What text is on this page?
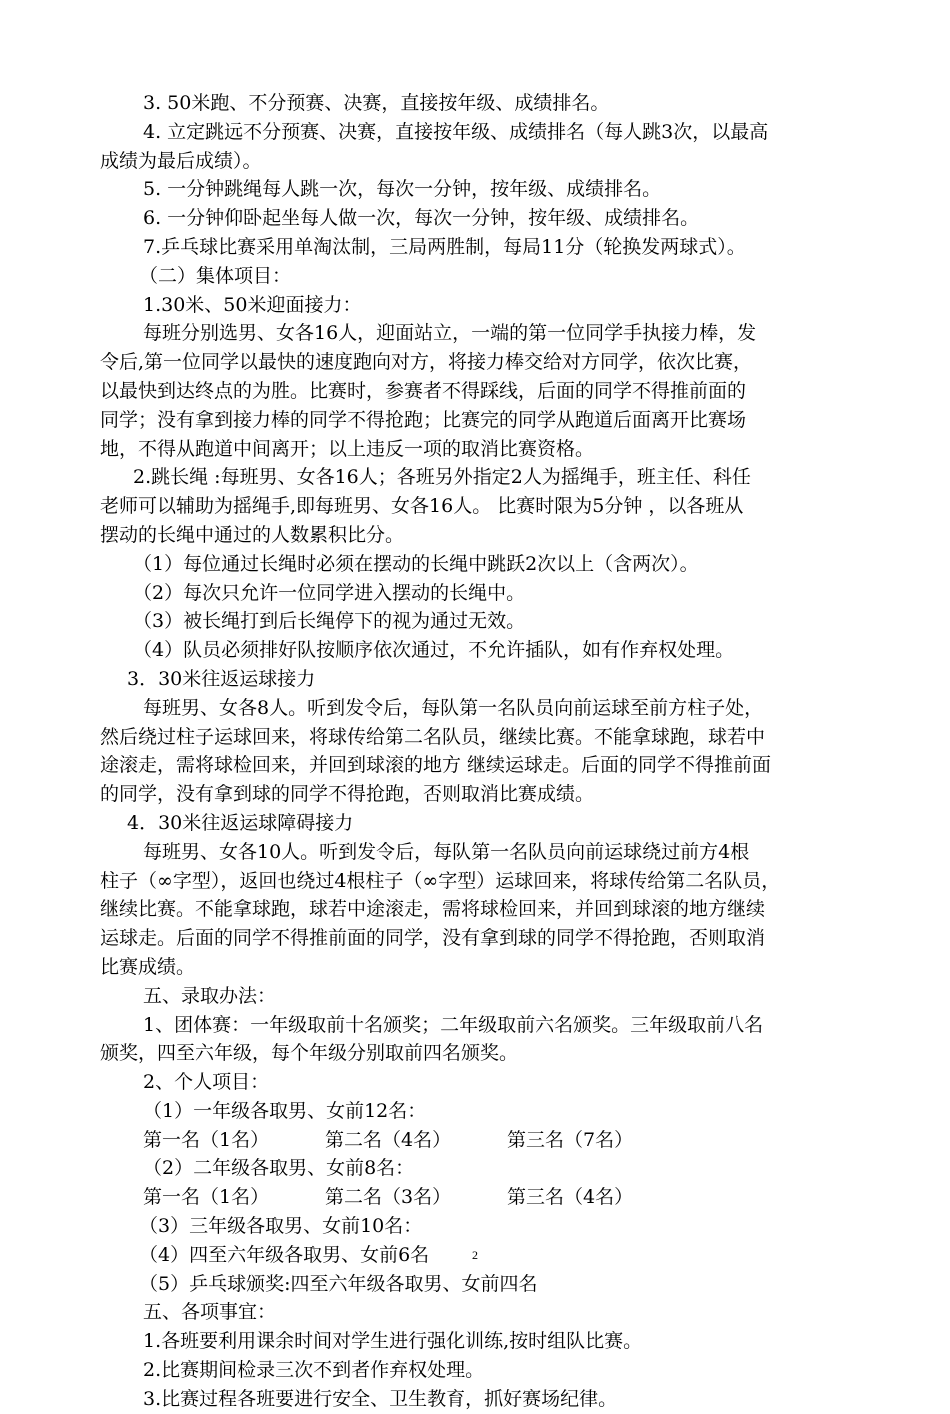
3. 50米跑、不分预赛、决赛，直接按年级、成绩排名。
4. 立定跳远不分预赛、决赛，直接按年级、成绩排名（每人跳3次，以最高
成绩为最后成绩）。
5. 一分钟跳绳每人跳一次，每次一分钟，按年级、成绩排名。
6. 一分钟仰卧起坐每人做一次，每次一分钟，按年级、成绩排名。
7.乒乓球比赛采用单淘汰制，三局两胜制，每局11分（轮换发两球式）。
（二）集体项目：
1.30米、50米迎面接力：
每班分别选男、女各16人，迎面站立，一端的第一位同学手执接力棒，发
令后,第一位同学以最快的速度跑向对方，将接力棒交给对方同学，依次比赛，
以最快到达终点的为胜。比赛时，参赛者不得踩线，后面的同学不得推前面的
同学；没有拿到接力棒的同学不得抢跑；比赛完的同学从跑道后面离开比赛场
地，不得从跑道中间离开；以上违反一项的取消比赛资格。
2.跳长绳 :每班男、女各16人；各班另外指定2人为摇绳手，班主任、科任
老师可以辅助为摇绳手,即每班男、女各16人。 比赛时限为5分钟 ，以各班从
摆动的长绳中通过的人数累积比分。
（1）每位通过长绳时必须在摆动的长绳中跳跃2次以上（含两次）。
（2）每次只允许一位同学进入摆动的长绳中。
（3）被长绳打到后长绳停下的视为通过无效。
（4）队员必须排好队按顺序依次通过，不允许插队，如有作弃权处理。
3．30米往返运球接力
每班男、女各8人。听到发令后，每队第一名队员向前运球至前方柱子处，
然后绕过柱子运球回来，将球传给第二名队员，继续比赛。不能拿球跑，球若中
途滚走，需将球检回来，并回到球滚的地方 继续运球走。后面的同学不得推前面
的同学，没有拿到球的同学不得抢跑，否则取消比赛成绩。
4．30米往返运球障碍接力
每班男、女各10人。听到发令后，每队第一名队员向前运球绕过前方4根
柱子（∞字型），返回也绕过4根柱子（∞字型）运球回来，将球传给第二名队员，
继续比赛。不能拿球跑，球若中途滚走，需将球检回来，并回到球滚的地方继续
运球走。后面的同学不得推前面的同学，没有拿到球的同学不得抢跑，否则取消
比赛成绩。
五、录取办法：
1、团体赛：一年级取前十名颁奖；二年级取前六名颁奖。三年级取前八名
颁奖，四至六年级，每个年级分别取前四名颁奖。
2、个人项目：
（1）一年级各取男、女前12名：
第一名（1名）	第二名（4名）	第三名（7名）
（2）二年级各取男、女前8名：
第一名（1名）	第二名（3名）	第三名（4名）
（3）三年级各取男、女前10名：
（4）四至六年级各取男、女前6名
（5）乒乓球颁奖:四至六年级各取男、女前四名
五、各项事宜：
1.各班要利用课余时间对学生进行强化训练,按时组队比赛。
2.比赛期间检录三次不到者作弃权处理。
3.比赛过程各班要进行安全、卫生教育，抓好赛场纪律。
2
